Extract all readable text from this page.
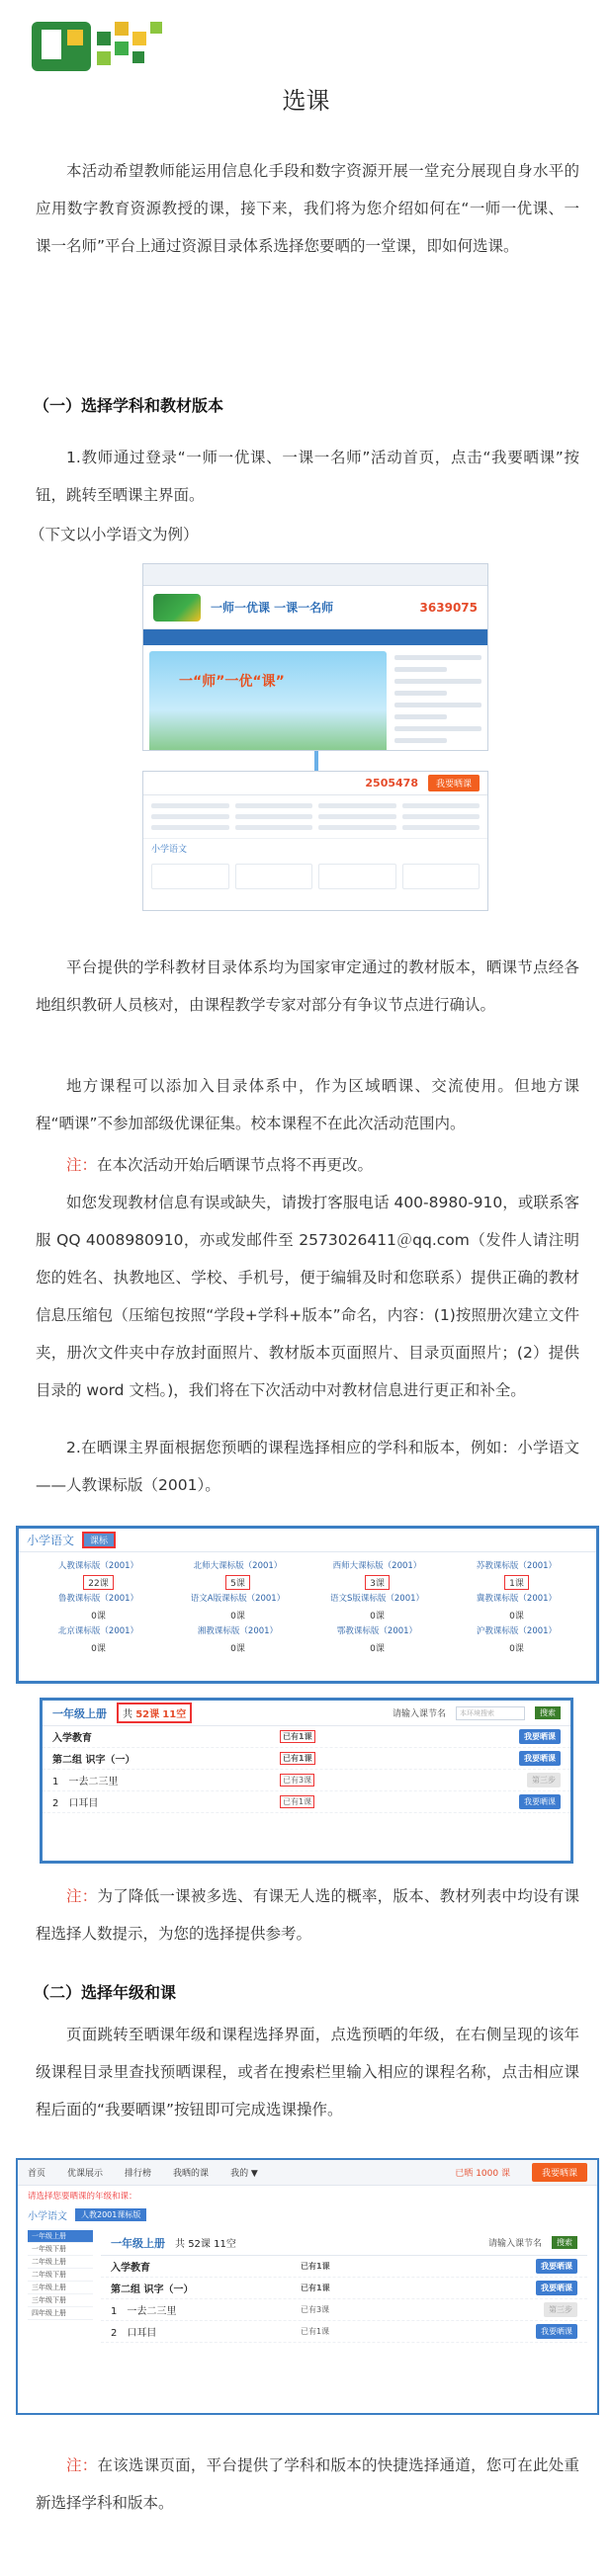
选课
本活动希望教师能运用信息化手段和数字资源开展一堂充分展现自身水平的应用数字教育资源教授的课，接下来，我们将为您介绍如何在“一师一优课、一课一名师”平台上通过资源目录体系选择您要晒的一堂课，即如何选课。
（一）选择学科和教材版本
1.教师通过登录“一师一优课、一课一名师”活动首页，点击“我要晒课”按钮，跳转至晒课主界面。
（下文以小学语文为例）
一师一优课 一课一名师	3639075
一“师”一优“课”
2505478	我要晒课
小学语文
平台提供的学科教材目录体系均为国家审定通过的教材版本，晒课节点经各地组织教研人员核对，由课程教学专家对部分有争议节点进行确认。
地方课程可以添加入目录体系中，作为区域晒课、交流使用。但地方课程“晒课”不参加部级优课征集。校本课程不在此次活动范围内。
注：在本次活动开始后晒课节点将不再更改。
如您发现教材信息有误或缺失，请拨打客服电话 400-8980-910，或联系客服 QQ 4008980910，亦或发邮件至 2573026411＠qq.com（发件人请注明您的姓名、执教地区、学校、手机号，便于编辑及时和您联系）提供正确的教材信息压缩包（压缩包按照“学段+学科+版本”命名，内容：(1)按照册次建立文件夹，册次文件夹中存放封面照片、教材版本页面照片、目录页面照片；(2）提供目录的 word 文档。)，我们将在下次活动中对教材信息进行更正和补全。
2.在晒课主界面根据您预晒的课程选择相应的学科和版本，例如：小学语文——人教课标版（2001）。
小学语文	课标
人教课标版（2001）
22课
北师大课标版（2001）
5课
西师大课标版（2001）
3课
苏教课标版（2001）
1课
鲁教课标版（2001）
0课
语文A版课标版（2001）
0课
语文S版课标版（2001）
0课
冀教课标版（2001）
0课
北京课标版（2001）
0课
湘教课标版（2001）
0课
鄂教课标版（2001）
0课
沪教课标版（2001）
0课
一年级上册	共 52课 11空	请输入课节名	本环境搜索	搜索
入学教育	已有1课	我要晒课
第二组 识字（一）	已有1课	我要晒课
1　一去二三里	已有3课	第三步
2　口耳目	已有1课	我要晒课
注：为了降低一课被多选、有课无人选的概率，版本、教材列表中均设有课程选择人数提示，为您的选择提供参考。
（二）选择年级和课
页面跳转至晒课年级和课程选择界面，点选预晒的年级，在右侧呈现的该年级课程目录里查找预晒课程，或者在搜索栏里输入相应的课程名称，点击相应课程后面的“我要晒课”按钮即可完成选课操作。
首页 优课展示 排行榜 我晒的课 我的 ▼	已晒 1000 课	我要晒课
请选择您要晒课的年级和课：
小学语文	人教2001课标版
一年级上册
一年级下册
二年级上册
二年级下册
三年级上册
三年级下册
四年级上册
一年级上册 共 52课 11空	请输入课节名	搜索
入学教育	已有1课	我要晒课
第二组 识字（一）	已有1课	我要晒课
1　一去二三里	已有3课	第三步
2　口耳目	已有1课	我要晒课
注：在该选课页面，平台提供了学科和版本的快捷选择通道，您可在此处重新选择学科和版本。
